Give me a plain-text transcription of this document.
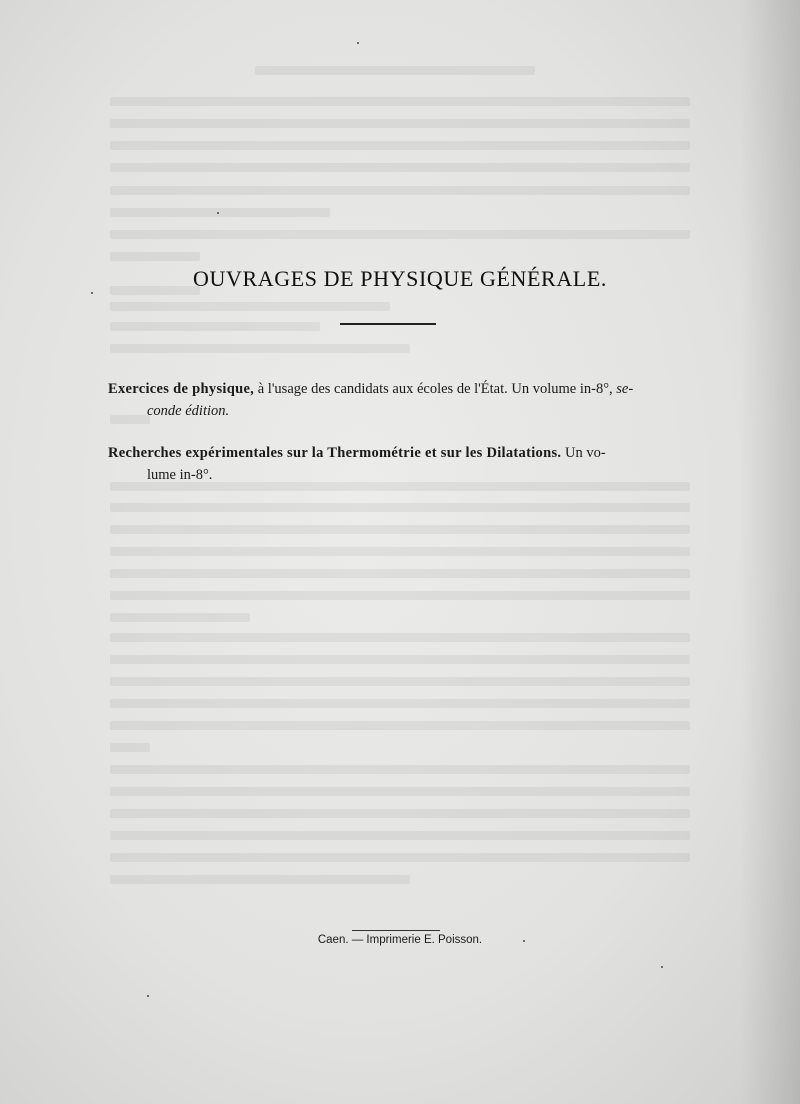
OUVRAGES DE PHYSIQUE GÉNÉRALE.
Exercices de physique, à l'usage des candidats aux écoles de l'État. Un volume in-8°, se-
conde édition.
Recherches expérimentales sur la Thermométrie et sur les Dilatations. Un vo-
lume in-8°.
Caen. — Imprimerie E. Poisson.
